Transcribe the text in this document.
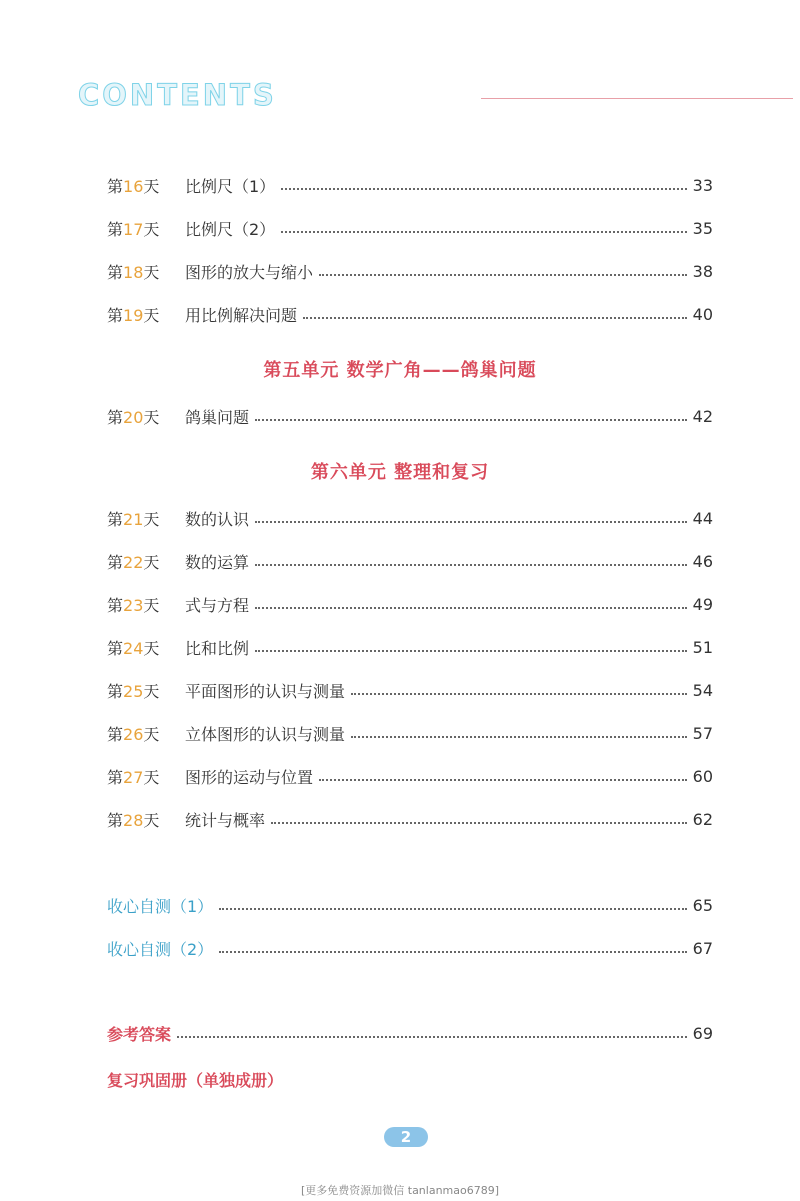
CONTENTS
第16天	比例尺（1）	33
第17天	比例尺（2）	35
第18天	图形的放大与缩小	38
第19天	用比例解决问题	40
第五单元 数学广角——鸽巢问题
第20天	鸽巢问题	42
第六单元 整理和复习
第21天	数的认识	44
第22天	数的运算	46
第23天	式与方程	49
第24天	比和比例	51
第25天	平面图形的认识与测量	54
第26天	立体图形的认识与测量	57
第27天	图形的运动与位置	60
第28天	统计与概率	62
收心自测（1）	65
收心自测（2）	67
参考答案	69
复习巩固册（单独成册）
2
[更多免费资源加微信 tanlanmao6789]
